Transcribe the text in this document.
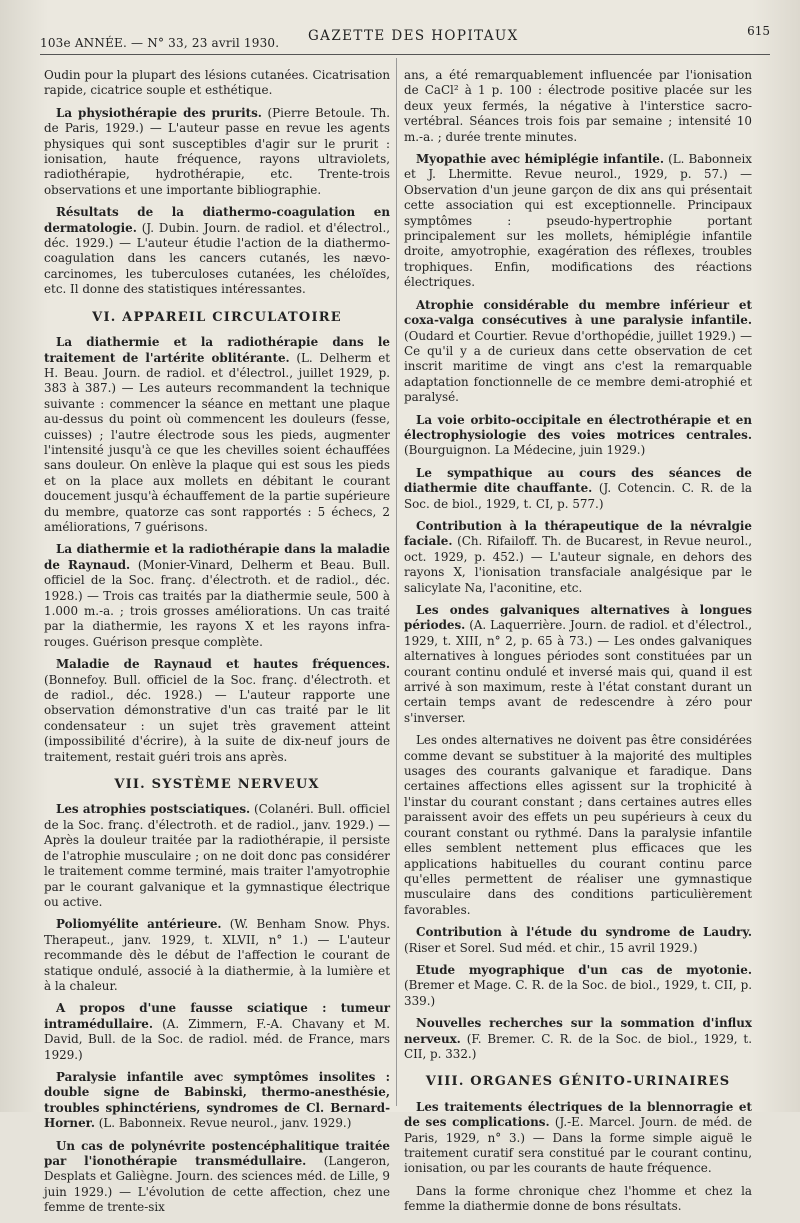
103e ANNÉE. — N° 33, 23 avril 1930. GAZETTE DES HOPITAUX	615

Oudin pour la plupart des lésions cutanées. Cicatrisation rapide, cicatrice souple et esthétique.

La physiothérapie des prurits. (Pierre Betoule. Th. de Paris, 1929.) — L'auteur passe en revue les agents physiques qui sont susceptibles d'agir sur le prurit : ionisation, haute fréquence, rayons ultraviolets, radiothérapie, hydrothérapie, etc. Trente-trois observations et une importante bibliographie.

Résultats de la diathermo-coagulation en dermatologie. (J. Dubin. Journ. de radiol. et d'électrol., déc. 1929.) — L'auteur étudie l'action de la diathermo-coagulation dans les cancers cutanés, les nævo-carcinomes, les tuberculoses cutanées, les chéloïdes, etc. Il donne des statistiques intéressantes.

VI. APPAREIL CIRCULATOIRE

La diathermie et la radiothérapie dans le traitement de l'artérite oblitérante. (L. Delherm et H. Beau. Journ. de radiol. et d'électrol., juillet 1929, p. 383 à 387.) — Les auteurs recommandent la technique suivante : commencer la séance en mettant une plaque au-dessus du point où commencent les douleurs (fesse, cuisses) ; l'autre électrode sous les pieds, augmenter l'intensité jusqu'à ce que les chevilles soient échauffées sans douleur. On enlève la plaque qui est sous les pieds et on la place aux mollets en débitant le courant doucement jusqu'à échauffement de la partie supérieure du membre, quatorze cas sont rapportés : 5 échecs, 2 améliorations, 7 guérisons.

La diathermie et la radiothérapie dans la maladie de Raynaud. (Monier-Vinard, Delherm et Beau. Bull. officiel de la Soc. franç. d'électroth. et de radiol., déc. 1928.) — Trois cas traités par la diathermie seule, 500 à 1.000 m.-a. ; trois grosses améliorations. Un cas traité par la diathermie, les rayons X et les rayons infra-rouges. Guérison presque complète.

Maladie de Raynaud et hautes fréquences. (Bonnefoy. Bull. officiel de la Soc. franç. d'électroth. et de radiol., déc. 1928.) — L'auteur rapporte une observation démonstrative d'un cas traité par le lit condensateur : un sujet très gravement atteint (impossibilité d'écrire), à la suite de dix-neuf jours de traitement, restait guéri trois ans après.

VII. SYSTÈME NERVEUX

Les atrophies postsciatiques. (Colanéri. Bull. officiel de la Soc. franç. d'électroth. et de radiol., janv. 1929.) — Après la douleur traitée par la radiothérapie, il persiste de l'atrophie musculaire ; on ne doit donc pas considérer le traitement comme terminé, mais traiter l'amyotrophie par le courant galvanique et la gymnastique électrique ou active.

Poliomyélite antérieure. (W. Benham Snow. Phys. Therapeut., janv. 1929, t. XLVII, n° 1.) — L'auteur recommande dès le début de l'affection le courant de statique ondulé, associé à la diathermie, à la lumière et à la chaleur.

A propos d'une fausse sciatique : tumeur intramédullaire. (A. Zimmern, F.-A. Chavany et M. David, Bull. de la Soc. de radiol. méd. de France, mars 1929.)

Paralysie infantile avec symptômes insolites : double signe de Babinski, thermo-anesthésie, troubles sphinctériens, syndromes de Cl. Bernard-Horner. (L. Babonneix. Revue neurol., janv. 1929.)

Un cas de polynévrite postencéphalitique traitée par l'ionothérapie transmédullaire. (Langeron, Desplats et Galiègne. Journ. des sciences méd. de Lille, 9 juin 1929.) — L'évolution de cette affection, chez une femme de trente-six

ans, a été remarquablement influencée par l'ionisation de CaCl² à 1 p. 100 : électrode positive placée sur les deux yeux fermés, la négative à l'interstice sacro-vertébral. Séances trois fois par semaine ; intensité 10 m.-a. ; durée trente minutes.

Myopathie avec hémiplégie infantile. (L. Babonneix et J. Lhermitte. Revue neurol., 1929, p. 57.) — Observation d'un jeune garçon de dix ans qui présentait cette association qui est exceptionnelle. Principaux symptômes : pseudo-hypertrophie portant principalement sur les mollets, hémiplégie infantile droite, amyotrophie, exagération des réflexes, troubles trophiques. Enfin, modifications des réactions électriques.

Atrophie considérable du membre inférieur et coxa-valga consécutives à une paralysie infantile. (Oudard et Courtier. Revue d'orthopédie, juillet 1929.) — Ce qu'il y a de curieux dans cette observation de cet inscrit maritime de vingt ans c'est la remarquable adaptation fonctionnelle de ce membre demi-atrophié et paralysé.

La voie orbito-occipitale en électrothérapie et en électrophysiologie des voies motrices centrales. (Bourguignon. La Médecine, juin 1929.)

Le sympathique au cours des séances de diathermie dite chauffante. (J. Cotencin. C. R. de la Soc. de biol., 1929, t. CI, p. 577.)

Contribution à la thérapeutique de la névralgie faciale. (Ch. Rifailoff. Th. de Bucarest, in Revue neurol., oct. 1929, p. 452.) — L'auteur signale, en dehors des rayons X, l'ionisation transfaciale analgésique par le salicylate Na, l'aconitine, etc.

Les ondes galvaniques alternatives à longues périodes. (A. Laquerrière. Journ. de radiol. et d'électrol., 1929, t. XIII, n° 2, p. 65 à 73.) — Les ondes galvaniques alternatives à longues périodes sont constituées par un courant continu ondulé et inversé mais qui, quand il est arrivé à son maximum, reste à l'état constant durant un certain temps avant de redescendre à zéro pour s'inverser.

Les ondes alternatives ne doivent pas être considérées comme devant se substituer à la majorité des multiples usages des courants galvanique et faradique. Dans certaines affections elles agissent sur la trophicité à l'instar du courant constant ; dans certaines autres elles paraissent avoir des effets un peu supérieurs à ceux du courant constant ou rythmé. Dans la paralysie infantile elles semblent nettement plus efficaces que les applications habituelles du courant continu parce qu'elles permettent de réaliser une gymnastique musculaire dans des conditions particulièrement favorables.

Contribution à l'étude du syndrome de Laudry. (Riser et Sorel. Sud méd. et chir., 15 avril 1929.)

Etude myographique d'un cas de myotonie. (Bremer et Mage. C. R. de la Soc. de biol., 1929, t. CII, p. 339.)

Nouvelles recherches sur la sommation d'influx nerveux. (F. Bremer. C. R. de la Soc. de biol., 1929, t. CII, p. 332.)

VIII. ORGANES GÉNITO-URINAIRES

Les traitements électriques de la blennorragie et de ses complications. (J.-E. Marcel. Journ. de méd. de Paris, 1929, n° 3.) — Dans la forme simple aiguë le traitement curatif sera constitué par le courant continu, ionisation, ou par les courants de haute fréquence.

Dans la forme chronique chez l'homme et chez la femme la diathermie donne de bons résultats.
